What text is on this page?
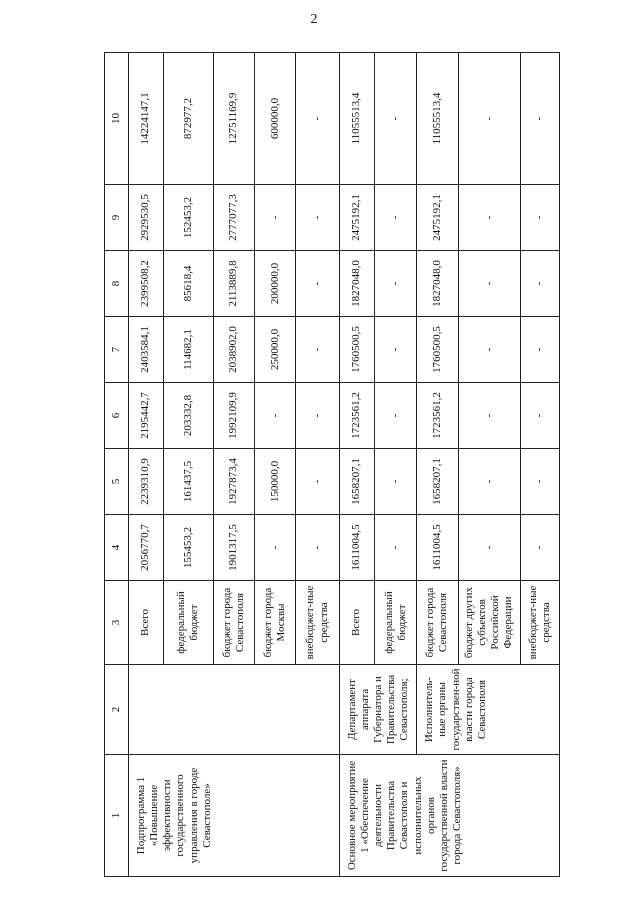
2
1	2	3	4	5	6	7	8	9	10
Подпрограмма 1 «Повышение эффективности государственного управления в городе Севастополе»		Всего	2056770,7	2239310,9	2195442,7	2403584,1	2399508,2	2929530,5	14224147,1
		федеральный бюджет	155453,2	161437,5	203332,8	114682,1	85618,4	152453,2	872977,2
		бюджет города Севастополя	1901317,5	1927873,4	1992109,9	2038902,0	2113889,8	2777077,3	12751169,9
		бюджет города Москвы	-	150000,0	-	250000,0	200000,0	-	600000,0
		внебюджет-ные средства	-	-	-	-	-	-	-
Основное мероприятие 1 «Обеспечение деятельности Правительства Севастополя и исполнительных органов государственной власти города Севастополя»	Департамент аппарата Губернатора и Правительства Севастополя;	Всего	1611004,5	1658207,1	1723561,2	1760500,5	1827048,0	2475192,1	11055513,4
		федеральный бюджет	-	-	-	-	-	-	-
	Исполнитель-ные органы государствен-ной власти города Севастополя	бюджет города Севастополя	1611004,5	1658207,1	1723561,2	1760500,5	1827048,0	2475192,1	11055513,4
		бюджет других субъектов Российской Федерации	-	-	-	-	-	-	-
		внебюджет-ные средства	-	-	-	-	-	-	-
